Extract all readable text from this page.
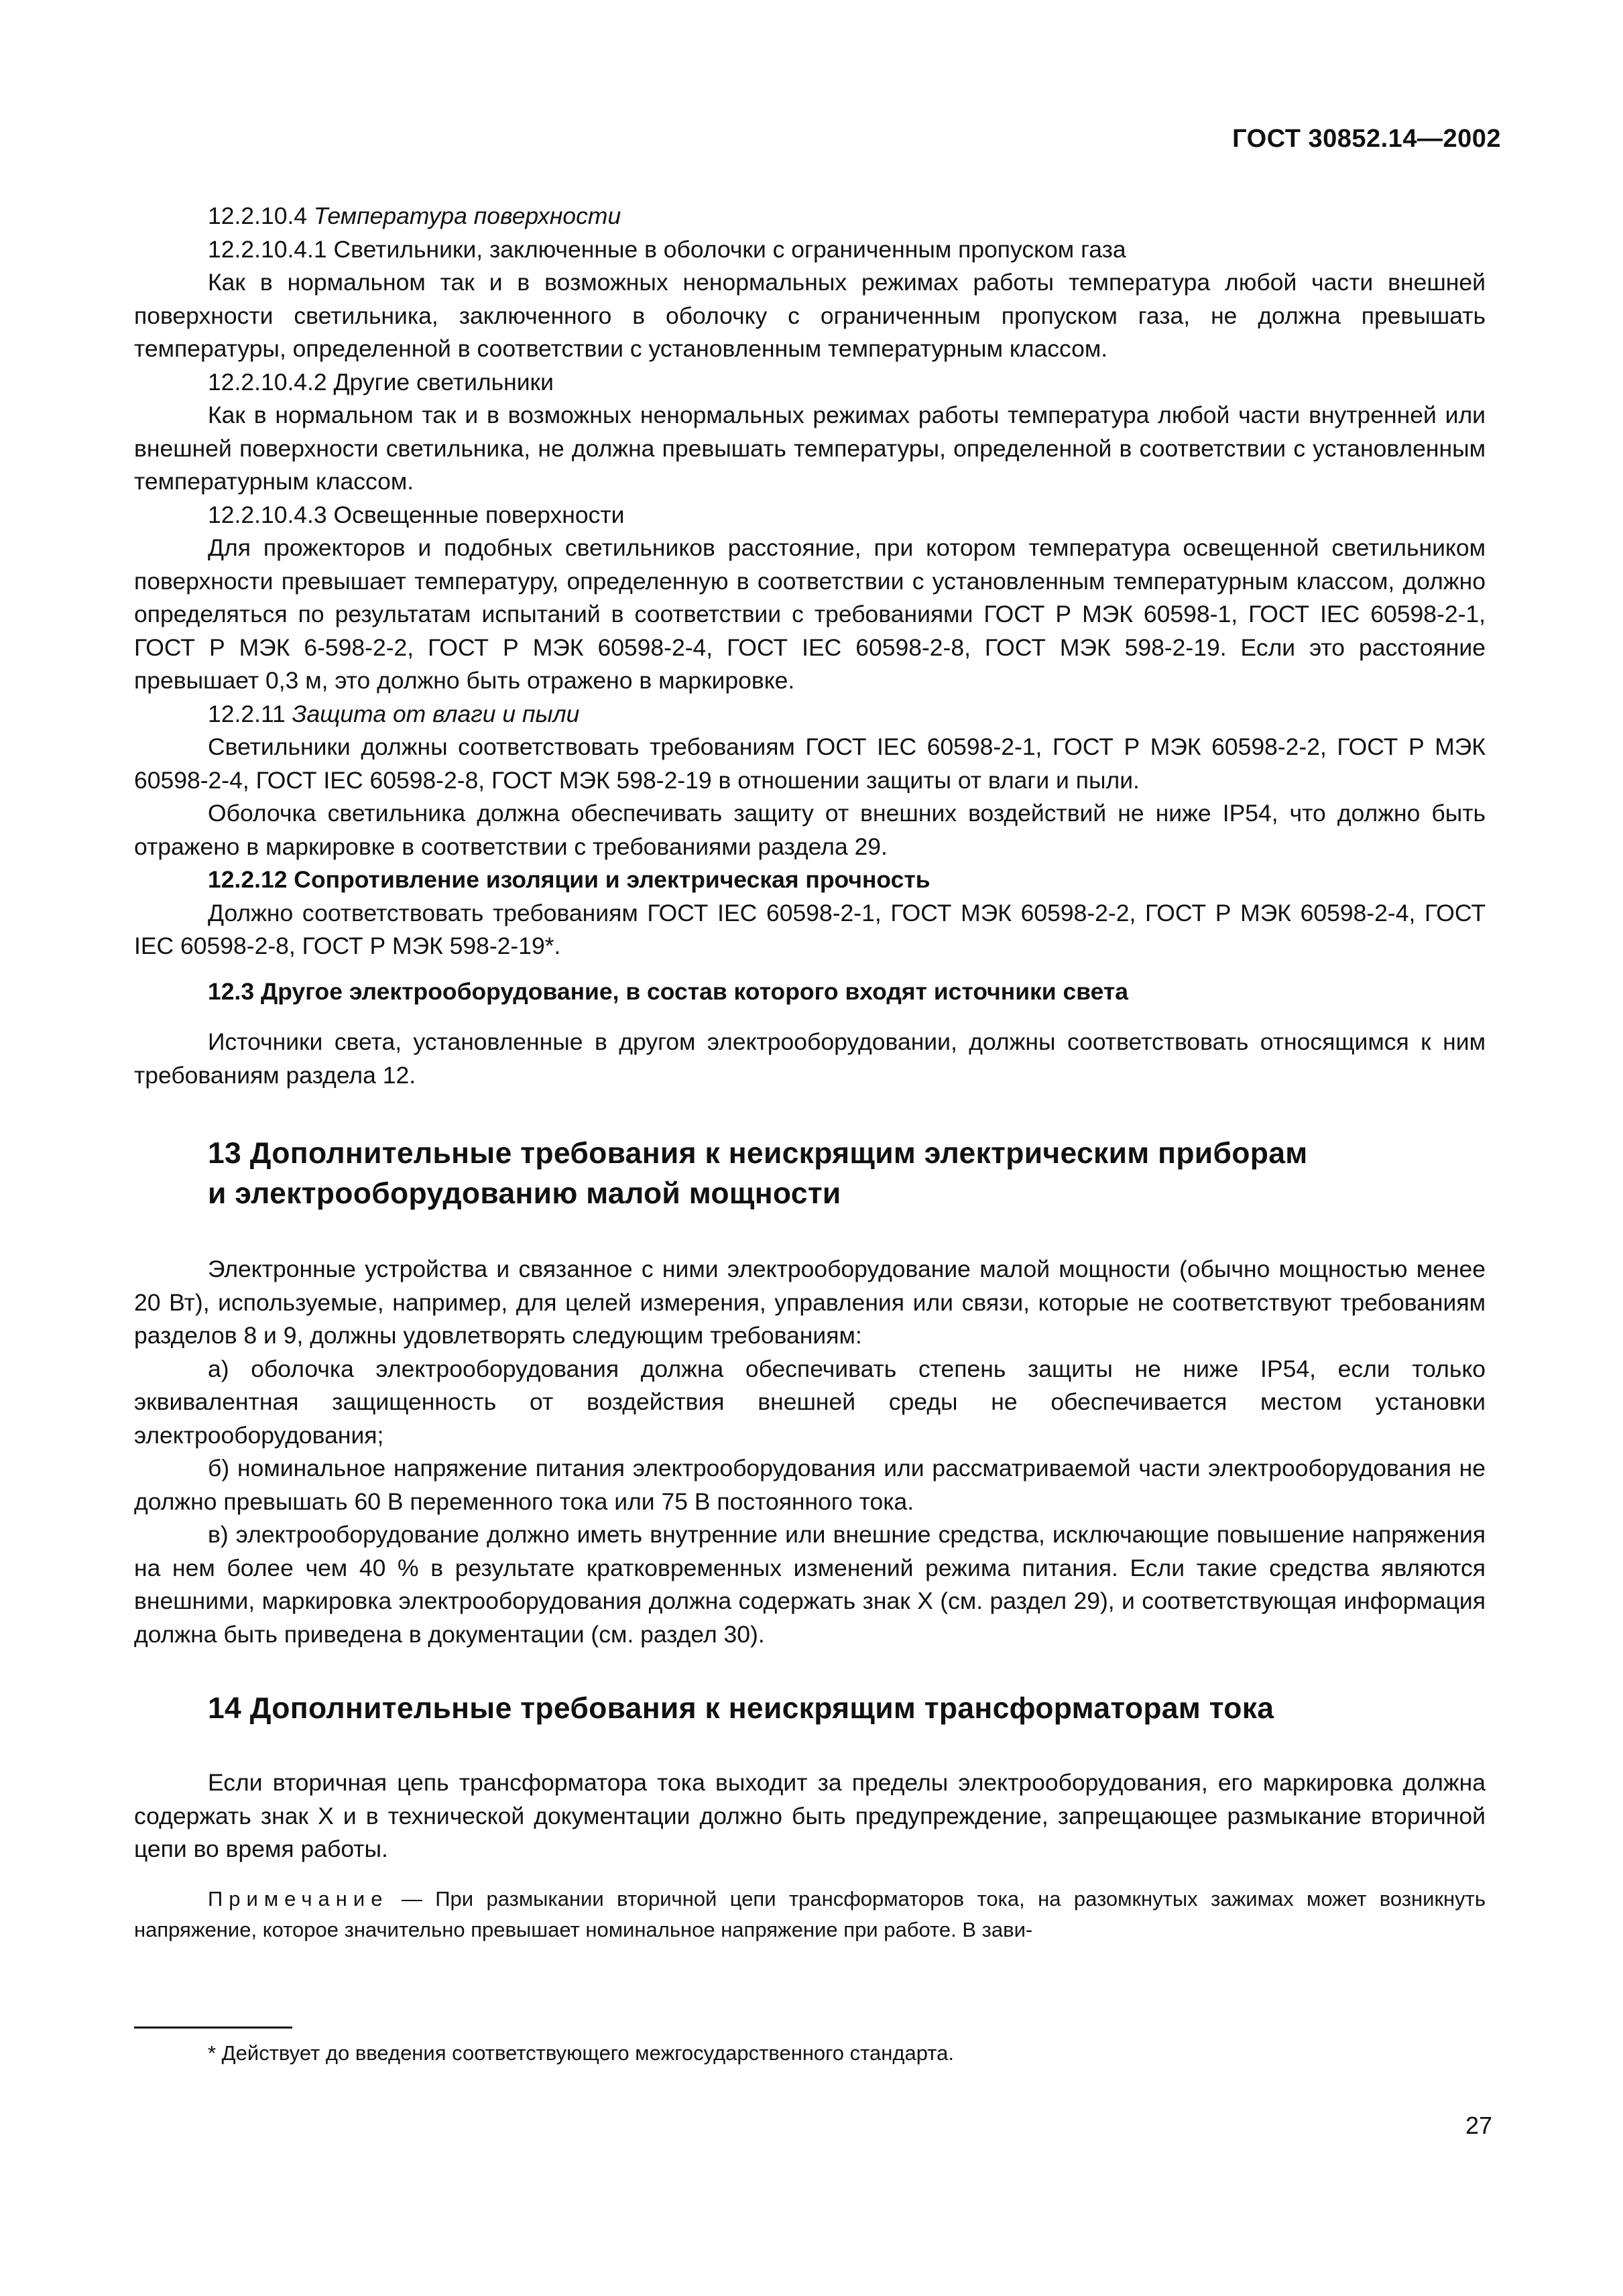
ГОСТ 30852.14—2002

12.2.10.4 Температура поверхности

12.2.10.4.1 Светильники, заключенные в оболочки с ограниченным пропуском газа

Как в нормальном так и в возможных ненормальных режимах работы температура любой части внешней поверхности светильника, заключенного в оболочку с ограниченным пропуском газа, не должна превышать температуры, определенной в соответствии с установленным температурным классом.

12.2.10.4.2 Другие светильники

Как в нормальном так и в возможных ненормальных режимах работы температура любой части внутренней или внешней поверхности светильника, не должна превышать температуры, определенной в соответствии с установленным температурным классом.

12.2.10.4.3 Освещенные поверхности

Для прожекторов и подобных светильников расстояние, при котором температура освещенной светильником поверхности превышает температуру, определенную в соответствии с установленным температурным классом, должно определяться по результатам испытаний в соответствии с требованиями ГОСТ Р МЭК 60598-1, ГОСТ IEC 60598-2-1, ГОСТ Р МЭК 6-598-2-2, ГОСТ Р МЭК 60598-2-4, ГОСТ IEC 60598-2-8, ГОСТ МЭК 598-2-19. Если это расстояние превышает 0,3 м, это должно быть отражено в маркировке.

12.2.11 Защита от влаги и пыли

Светильники должны соответствовать требованиям ГОСТ IEC 60598-2-1, ГОСТ Р МЭК 60598-2-2, ГОСТ Р МЭК 60598-2-4, ГОСТ IEC 60598-2-8, ГОСТ МЭК 598-2-19 в отношении защиты от влаги и пыли.

Оболочка светильника должна обеспечивать защиту от внешних воздействий не ниже IP54, что должно быть отражено в маркировке в соответствии с требованиями раздела 29.

12.2.12 Сопротивление изоляции и электрическая прочность

Должно соответствовать требованиям ГОСТ IEC 60598-2-1, ГОСТ МЭК 60598-2-2, ГОСТ Р МЭК 60598-2-4, ГОСТ IEC 60598-2-8, ГОСТ Р МЭК 598-2-19*.

12.3 Другое электрооборудование, в состав которого входят источники света

Источники света, установленные в другом электрооборудовании, должны соответствовать относящимся к ним требованиям раздела 12.

13 Дополнительные требования к неискрящим электрическим приборам
и электрооборудованию малой мощности

Электронные устройства и связанное с ними электрооборудование малой мощности (обычно мощностью менее 20 Вт), используемые, например, для целей измерения, управления или связи, которые не соответствуют требованиям разделов 8 и 9, должны удовлетворять следующим требованиям:

а) оболочка электрооборудования должна обеспечивать степень защиты не ниже IP54, если только эквивалентная защищенность от воздействия внешней среды не обеспечивается местом установки электрооборудования;

б) номинальное напряжение питания электрооборудования или рассматриваемой части электрооборудования не должно превышать 60 В переменного тока или 75 В постоянного тока.

в) электрооборудование должно иметь внутренние или внешние средства, исключающие повышение напряжения на нем более чем 40 % в результате кратковременных изменений режима питания. Если такие средства являются внешними, маркировка электрооборудования должна содержать знак X (см. раздел 29), и соответствующая информация должна быть приведена в документации (см. раздел 30).

14 Дополнительные требования к неискрящим трансформаторам тока

Если вторичная цепь трансформатора тока выходит за пределы электрооборудования, его маркировка должна содержать знак X и в технической документации должно быть предупреждение, запрещающее размыкание вторичной цепи во время работы.

Примечание — При размыкании вторичной цепи трансформаторов тока, на разомкнутых зажимах может возникнуть напряжение, которое значительно превышает номинальное напряжение при работе. В зави-

* Действует до введения соответствующего межгосударственного стандарта.
27
